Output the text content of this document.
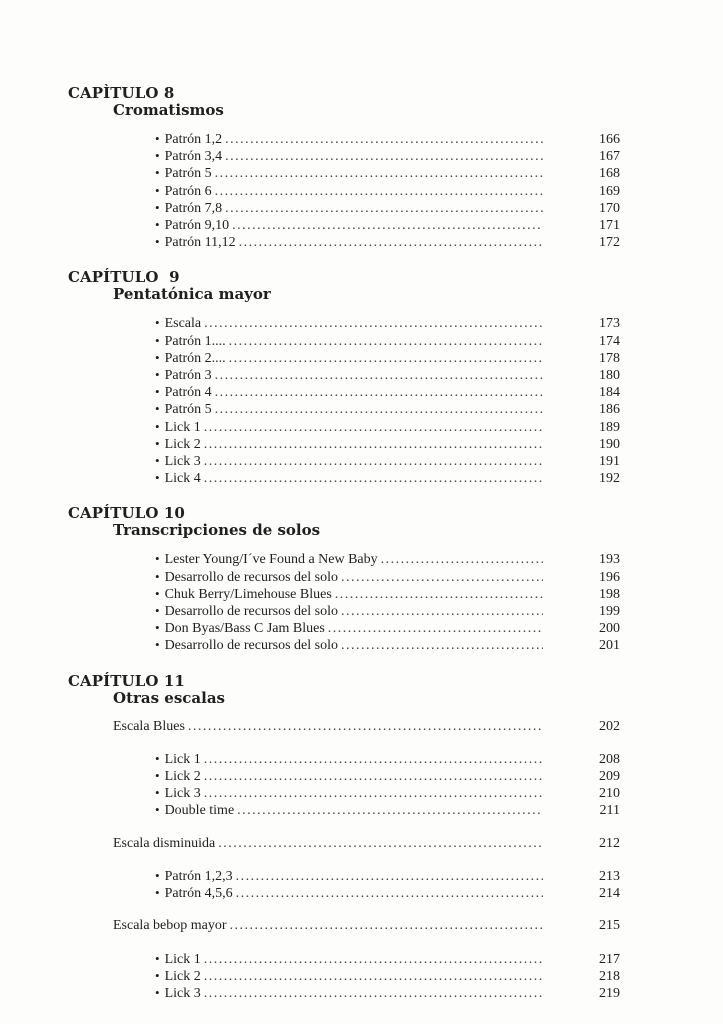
CAPÌTULO 8
Cromatismos
• Patrón 1,2 .....	166
• Patrón 3,4 .....	167
• Patrón 5 .....	168
• Patrón 6 .....	169
• Patrón 7,8 .....	170
• Patrón 9,10 .....	171
• Patrón 11,12 .....	172
CAPÍTULO  9
Pentatónica mayor
• Escala .....	173
• Patrón 1.... .....	174
• Patrón 2.... .....	178
• Patrón 3 .....	180
• Patrón 4 .....	184
• Patrón 5 .....	186
• Lick 1 .....	189
• Lick 2 .....	190
• Lick 3 .....	191
• Lick 4 .....	192
CAPÍTULO 10
Transcripciones de solos
• Lester Young/I´ve Found a New Baby .....	193
• Desarrollo de recursos del solo .....	196
• Chuk Berry/Limehouse Blues .....	198
• Desarrollo de recursos del solo .....	199
• Don Byas/Bass C Jam Blues .....	200
• Desarrollo de recursos del solo .....	201
CAPÍTULO 11
Otras escalas
Escala Blues .....	202
• Lick 1 .....	208
• Lick 2 .....	209
• Lick 3 .....	210
• Double time .....	211
Escala disminuida .....	212
• Patrón 1,2,3 .....	213
• Patrón 4,5,6 .....	214
Escala bebop mayor .....	215
• Lick 1 .....	217
• Lick 2 .....	218
• Lick 3 .....	219
